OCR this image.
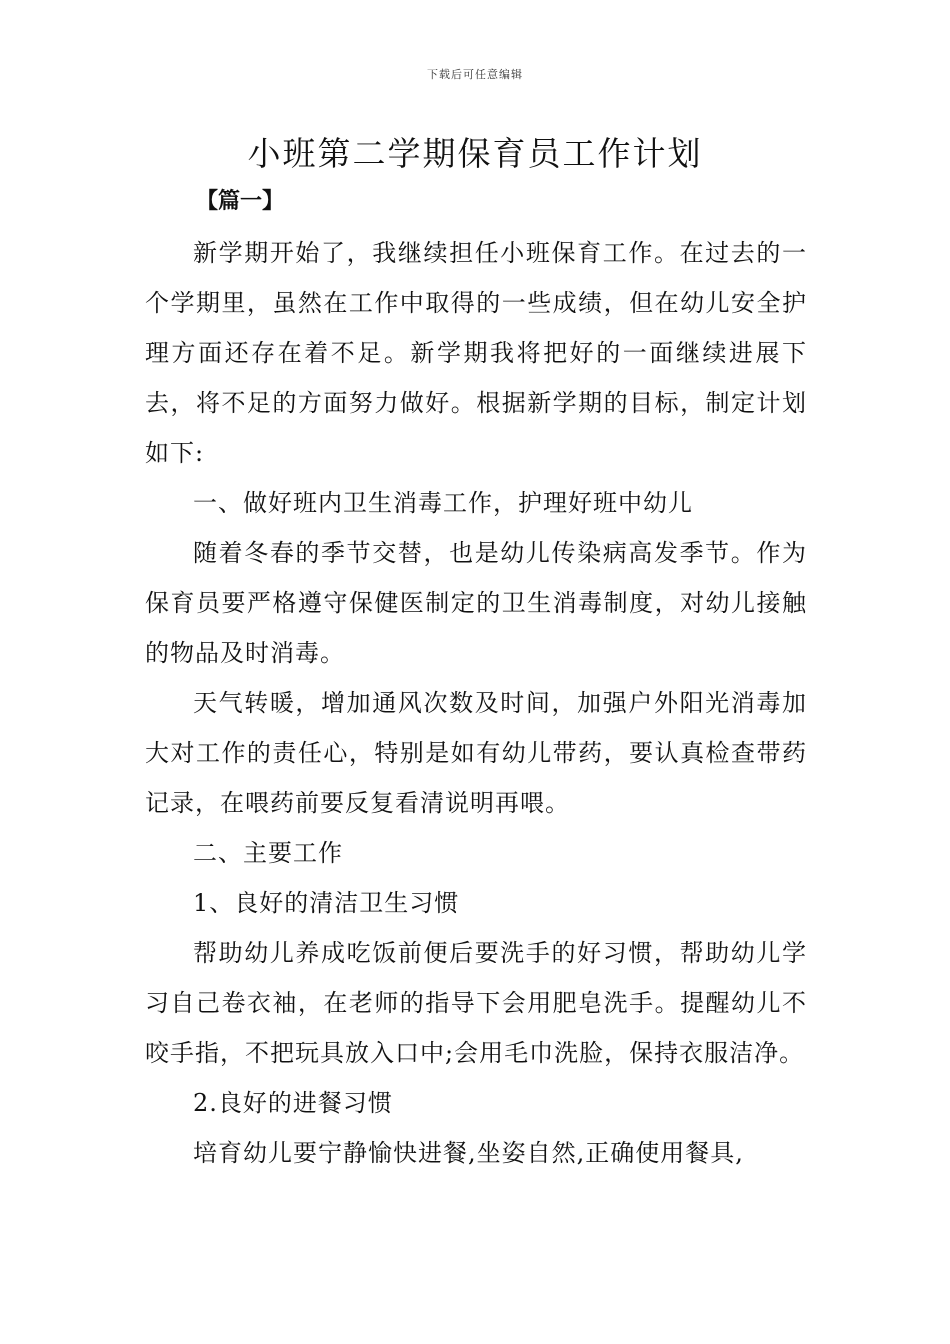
下载后可任意编辑
小班第二学期保育员工作计划
【篇一】

新学期开始了，我继续担任小班保育工作。在过去的一个学期里，虽然在工作中取得的一些成绩，但在幼儿安全护理方面还存在着不足。新学期我将把好的一面继续进展下去，将不足的方面努力做好。根据新学期的目标，制定计划如下:

一、做好班内卫生消毒工作，护理好班中幼儿

随着冬春的季节交替，也是幼儿传染病高发季节。作为保育员要严格遵守保健医制定的卫生消毒制度，对幼儿接触的物品及时消毒。

天气转暖，增加通风次数及时间，加强户外阳光消毒加大对工作的责任心，特别是如有幼儿带药，要认真检查带药记录，在喂药前要反复看清说明再喂。

二、主要工作

1、良好的清洁卫生习惯

帮助幼儿养成吃饭前便后要洗手的好习惯，帮助幼儿学习自己卷衣袖，在老师的指导下会用肥皂洗手。提醒幼儿不咬手指，不把玩具放入口中;会用毛巾洗脸，保持衣服洁净。

2.良好的进餐习惯

培育幼儿要宁静愉快进餐,坐姿自然,正确使用餐具,
